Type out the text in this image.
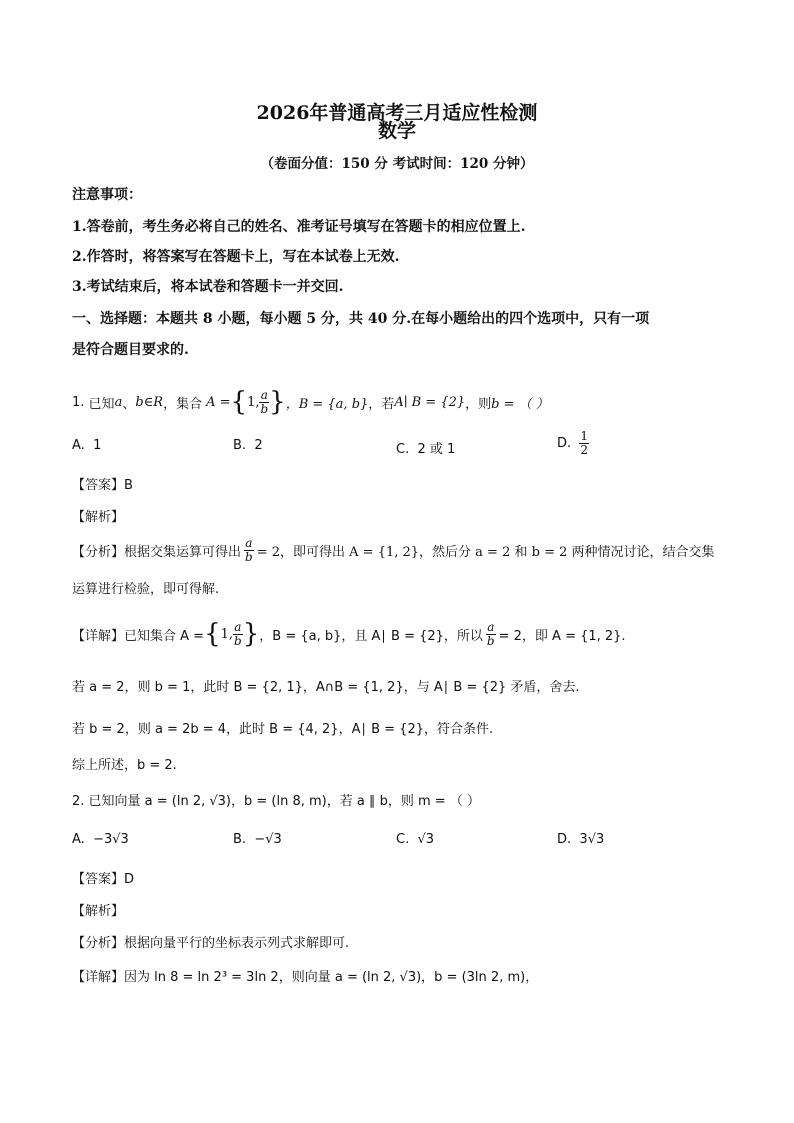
2026年普通高考三月适应性检测
数学
（卷面分值：150 分 考试时间：120 分钟）
注意事项：
1.答卷前，考生务必将自己的姓名、准考证号填写在答题卡的相应位置上.
2.作答时，将答案写在答题卡上，写在本试卷上无效.
3.考试结束后，将本试卷和答题卡一并交回.
一、选择题：本题共 8 小题，每小题 5 分，共 40 分.在每小题给出的四个选项中，只有一项
是符合题目要求的.
1.
已知 a 、 b∈R ，集合 A = { 1, $\frac{a}{b}$ } ，B = {a, b} ，若 A∣ B = {2} ，则 b = （ ）
A. 1	B. 2	C. 2 或 1	D.
$\frac{1}{2}$
【答案】B
【解析】
【分析】 根据交集运算可得出 $\frac{a}{b} = 2$，即可得出 A = {1, 2}，然后分 a = 2 和 b = 2 两种情况讨论，结合交集
运算进行检验，即可得解.
【详解】 已知集合 A = { 1, $\frac{a}{b}$ } ，B = {a, b}，且 A∣ B = {2}，所以 $\frac{a}{b} = 2$，即 A = {1, 2}.
若 a = 2，则 b = 1，此时 B = {2, 1}，A∩B = {1, 2}，与 A∣ B = {2} 矛盾，舍去.
若 b = 2，则 a = 2b = 4，此时 B = {4, 2}，A∣ B = {2}，符合条件.
综上所述，b = 2.
2. 已知向量 a = (ln 2, √3)，b = (ln 8, m)，若 a ∥ b，则 m = （ ）
A. −3√3	B. −√3	C. √3	D. 3√3
【答案】D
【解析】
【分析】根据向量平行的坐标表示列式求解即可.
【详解】因为 ln 8 = ln 2³ = 3ln 2，则向量 a = (ln 2, √3)，b = (3ln 2, m)，
